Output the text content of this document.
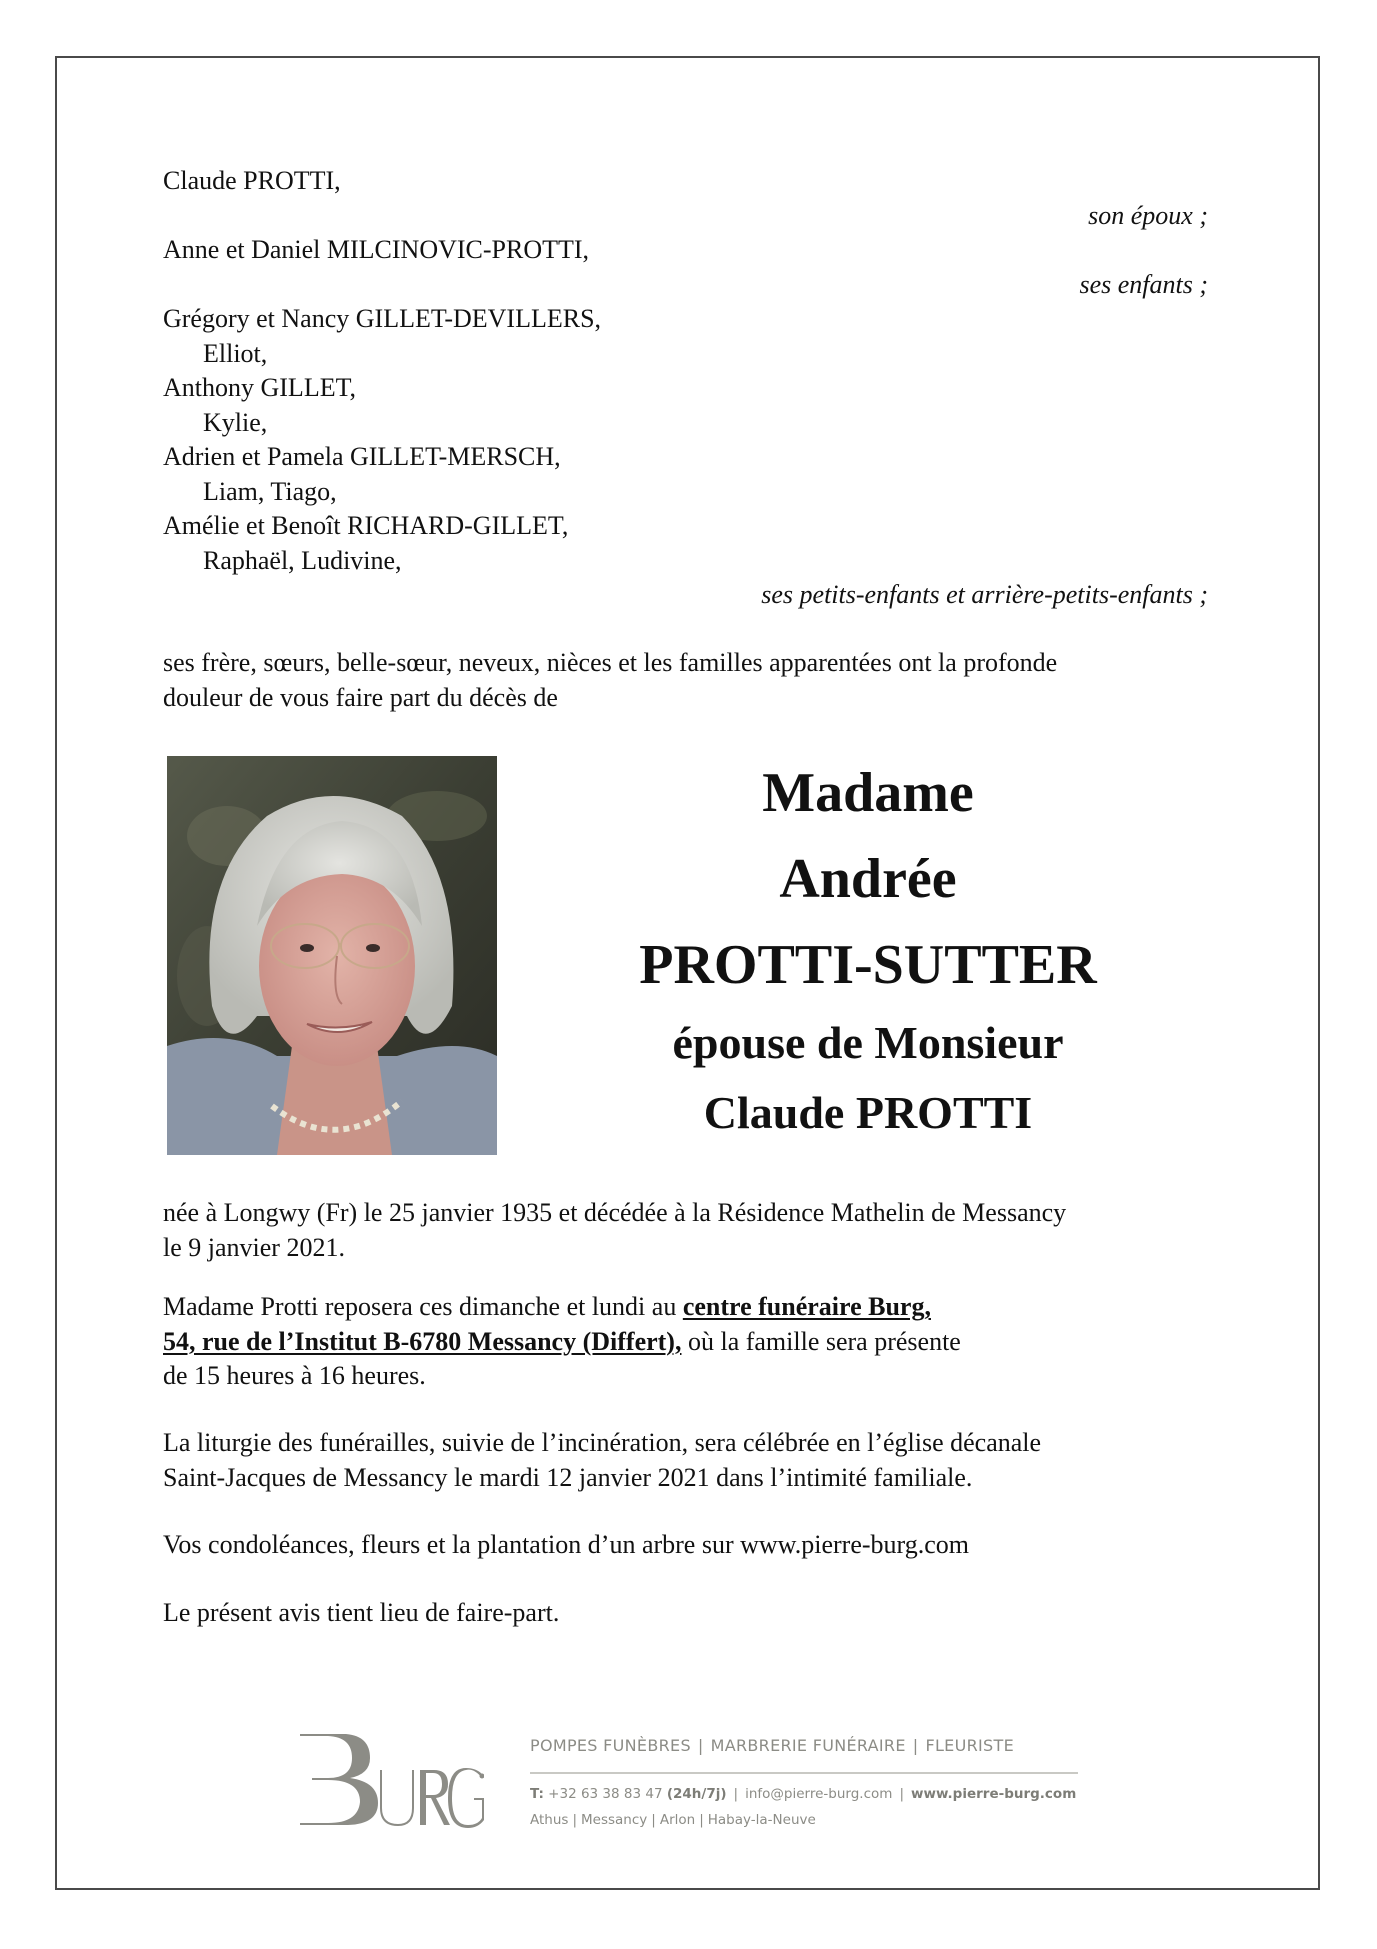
Claude PROTTI,
son époux ;
Anne et Daniel MILCINOVIC-PROTTI,
ses enfants ;
Grégory et Nancy GILLET-DEVILLERS,
Elliot,
Anthony GILLET,
Kylie,
Adrien et Pamela GILLET-MERSCH,
Liam, Tiago,
Amélie et Benoît RICHARD-GILLET,
Raphaël, Ludivine,
ses petits-enfants et arrière-petits-enfants ;
ses frère, sœurs, belle-sœur, neveux, nièces et les familles apparentées ont la profonde
douleur de vous faire part du décès de
Madame
Andrée
PROTTI-SUTTER
épouse de Monsieur
Claude PROTTI
née à Longwy (Fr) le 25 janvier 1935 et décédée à la Résidence Mathelin de Messancy
le 9 janvier 2021.
Madame Protti reposera ces dimanche et lundi au centre funéraire Burg,
54, rue de l’Institut B-6780 Messancy (Differt), où la famille sera présente
de 15 heures à 16 heures.
La liturgie des funérailles, suivie de l’incinération, sera célébrée en l’église décanale
Saint-Jacques de Messancy le mardi 12 janvier 2021 dans l’intimité familiale.
Vos condoléances, fleurs et la plantation d’un arbre sur www.pierre-burg.com
Le présent avis tient lieu de faire-part.
POMPES FUNÈBRES | MARBRERIE FUNÉRAIRE | FLEURISTE
T: +32 63 38 83 47 (24h/7j) | info@pierre-burg.com | www.pierre-burg.com
Athus | Messancy | Arlon | Habay-la-Neuve
